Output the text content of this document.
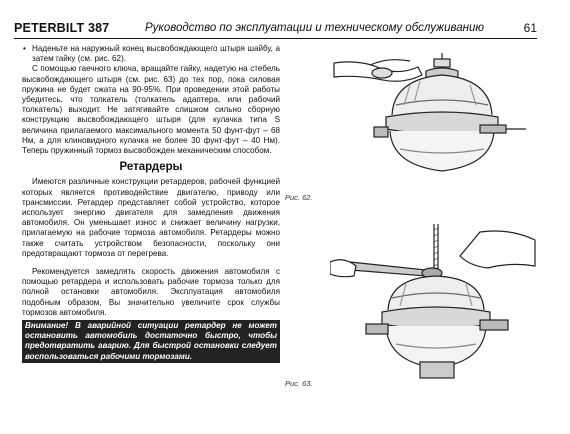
PETERBILT 387	Руководство по эксплуатации и техническому обслуживанию	61

• Наденьте на наружный конец высвобождающего штыря шайбу, а затем гайку (см. рис. 62).

С помощью гаечного ключа, вращайте гайку, надетую на стебель высвобождающего штыря (см. рис. 63) до тех пор, пока силовая пружина не будет сжата на 90-95%. При проведении этой работы убедитесь, что толкатель (толкатель адаптера, или рабочий толкатель) выходит. Не затягивайте слишком сильно сборную конструкцию высвобождающего штыря (для кулачка типа S величина прилагаемого максимального момента 50 фунт-фут – 68 Нм, а для клиновидного кулачка не более 30 фунт-фут – 40 Нм). Теперь пружинный тормоз высвобожден механическим способом.

Ретардеры

Имеются различные конструкции ретардеров, рабочей функцией которых является противодействие двигателю, приводу или трансмиссии. Ретардер представляет собой устройство, которое использует энергию двигателя для замедления движения автомобиля. Он уменьшает износ и снижает величину нагрузки, прилагаемую на рабочие тормоза автомобиля. Ретардеры можно также считать устройством безопасности, поскольку они предотвращают тормоза от перегрева.

Рекомендуется замедлять скорость движения автомобиля с помощью ретардера и использовать рабочие тормоза только для полной остановки автомобиля. Эксплуатация автомобиля подобным образом, Вы значительно увеличите срок службы тормозов автомобиля.

Внимание! В аварийной ситуации ретардер не может остановить автомобиль достаточно быстро, чтобы предотвратить аварию. Для быстрой остановки следует воспользоваться рабочими тормозами.
Рис. 62.
Рис. 63.
